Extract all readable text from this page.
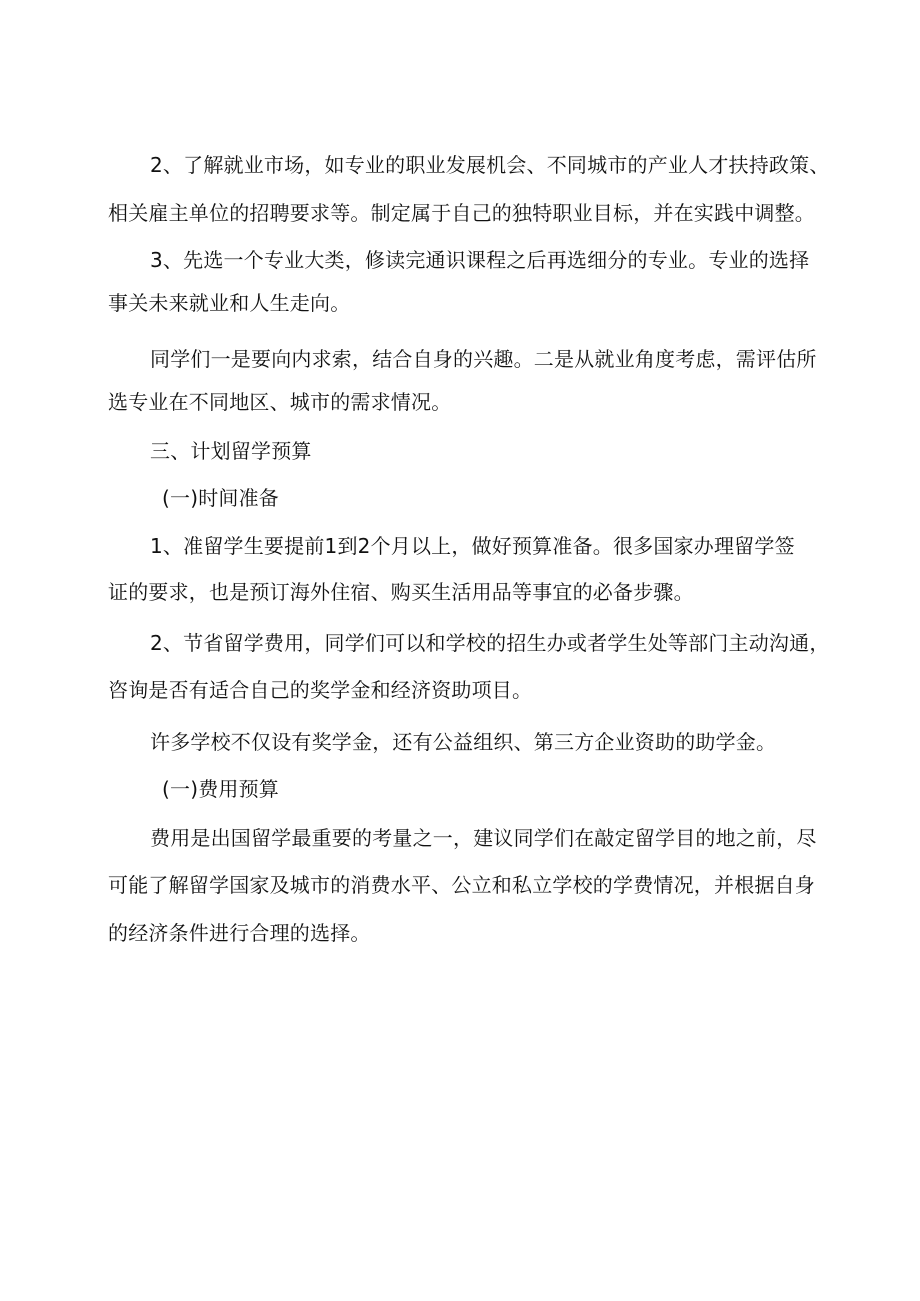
2、了解就业市场，如专业的职业发展机会、不同城市的产业人才扶持政策、
相关雇主单位的招聘要求等。制定属于自己的独特职业目标，并在实践中调整。
3、先选一个专业大类，修读完通识课程之后再选细分的专业。专业的选择
事关未来就业和人生走向。
同学们一是要向内求索，结合自身的兴趣。二是从就业角度考虑，需评估所
选专业在不同地区、城市的需求情况。
三、计划留学预算
(一)时间准备
1、准留学生要提前1到2个月以上，做好预算准备。很多国家办理留学签
证的要求，也是预订海外住宿、购买生活用品等事宜的必备步骤。
2、节省留学费用，同学们可以和学校的招生办或者学生处等部门主动沟通，
咨询是否有适合自己的奖学金和经济资助项目。
许多学校不仅设有奖学金，还有公益组织、第三方企业资助的助学金。
(一)费用预算
费用是出国留学最重要的考量之一，建议同学们在敲定留学目的地之前，尽
可能了解留学国家及城市的消费水平、公立和私立学校的学费情况，并根据自身
的经济条件进行合理的选择。
